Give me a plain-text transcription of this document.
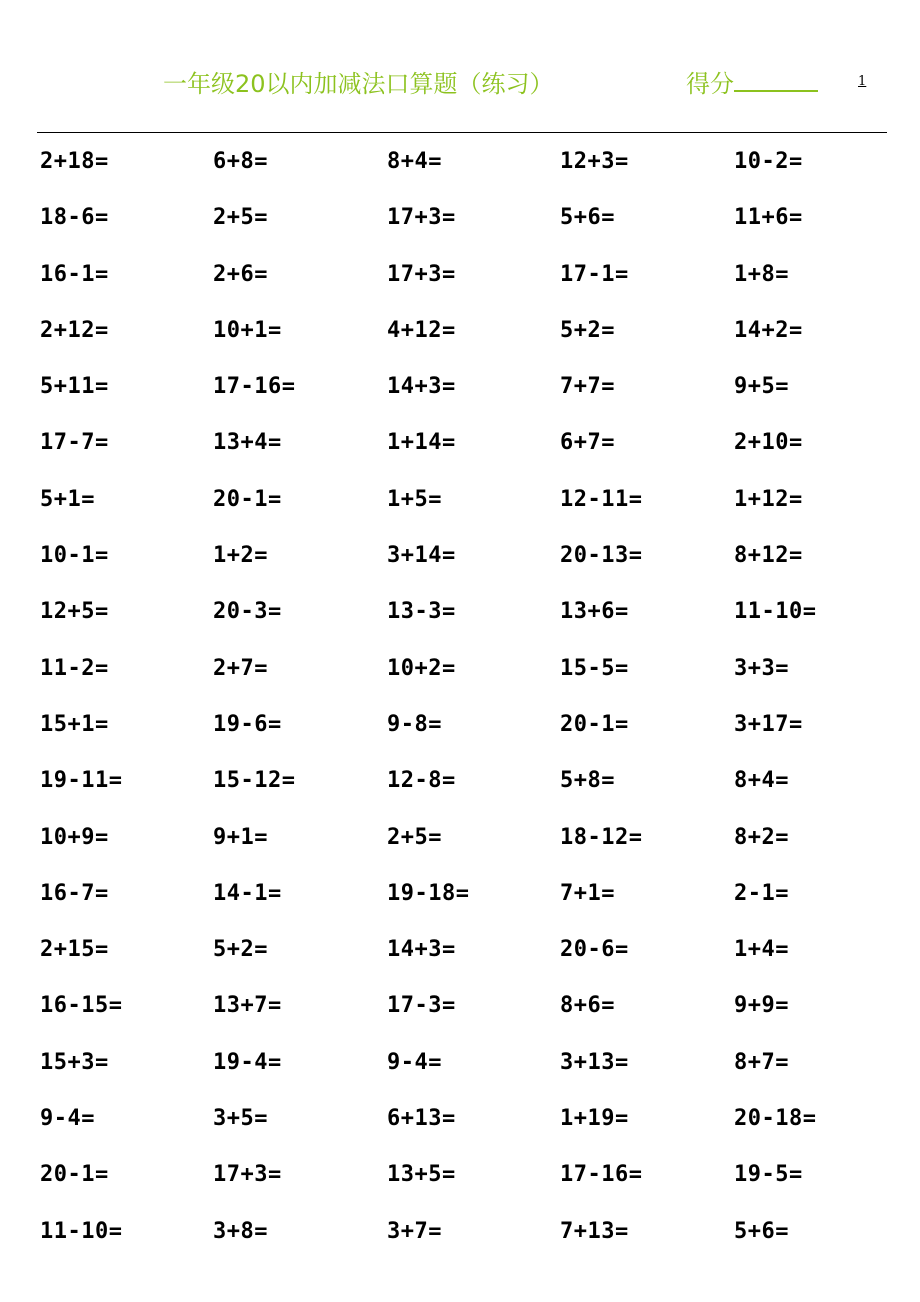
一年级20以内加减法口算题（练习）	得分	1
2+18=	6+8=	8+4=	12+3=	10-2=
18-6=	2+5=	17+3=	5+6=	11+6=
16-1=	2+6=	17+3=	17-1=	1+8=
2+12=	10+1=	4+12=	5+2=	14+2=
5+11=	17-16=	14+3=	7+7=	9+5=
17-7=	13+4=	1+14=	6+7=	2+10=
5+1=	20-1=	1+5=	12-11=	1+12=
10-1=	1+2=	3+14=	20-13=	8+12=
12+5=	20-3=	13-3=	13+6=	11-10=
11-2=	2+7=	10+2=	15-5=	3+3=
15+1=	19-6=	9-8=	20-1=	3+17=
19-11=	15-12=	12-8=	5+8=	8+4=
10+9=	9+1=	2+5=	18-12=	8+2=
16-7=	14-1=	19-18=	7+1=	2-1=
2+15=	5+2=	14+3=	20-6=	1+4=
16-15=	13+7=	17-3=	8+6=	9+9=
15+3=	19-4=	9-4=	3+13=	8+7=
9-4=	3+5=	6+13=	1+19=	20-18=
20-1=	17+3=	13+5=	17-16=	19-5=
11-10=	3+8=	3+7=	7+13=	5+6=
